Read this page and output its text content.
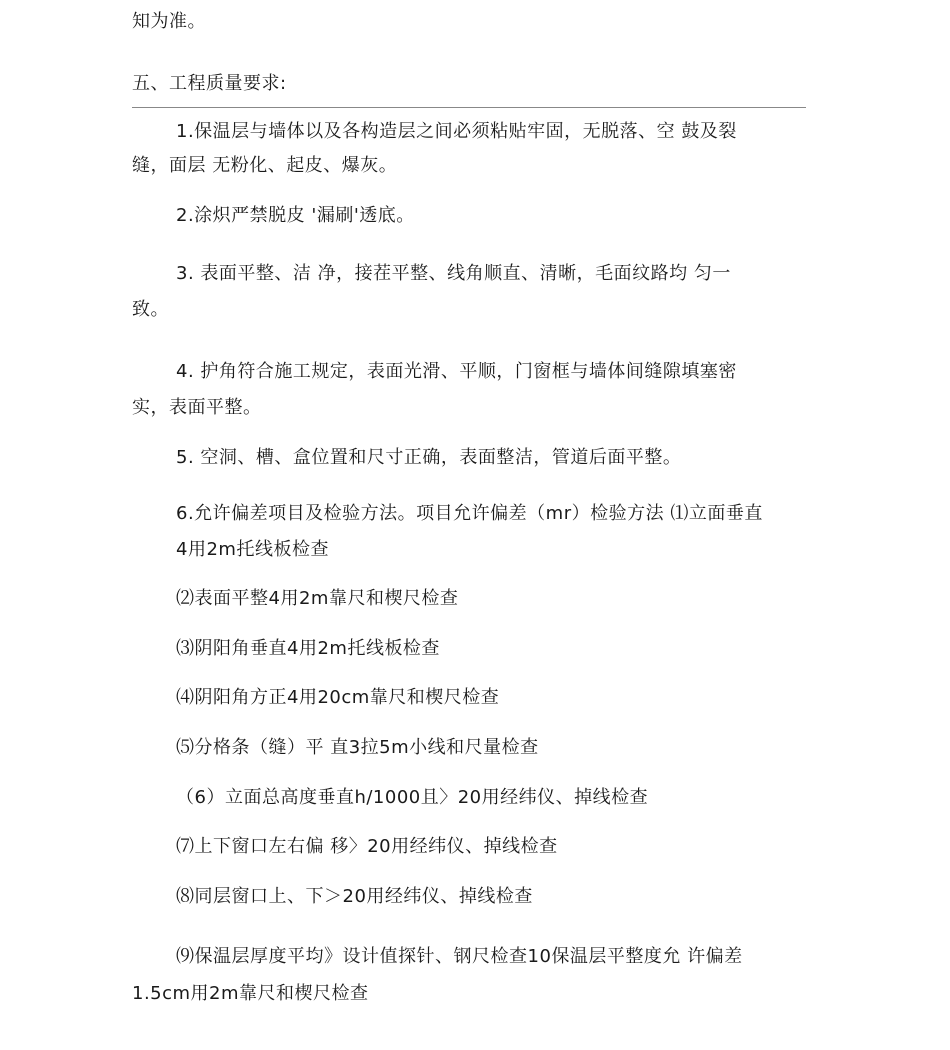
知为准。
五、工程质量要求:
1.保温层与墙体以及各构造层之间必须粘贴牢固，无脱落、空 鼓及裂
缝，面层 无粉化、起皮、爆灰。
2.涂炽严禁脱皮 '漏刷'透底。
3. 表面平整、洁 净，接茬平整、线角顺直、清晰，毛面纹路均 匀一
致。
4. 护角符合施工规定，表面光滑、平顺，门窗框与墙体间缝隙填塞密
实，表面平整。
5. 空洞、槽、盒位置和尺寸正确，表面整洁，管道后面平整。
6.允许偏差项目及检验方法。项目允许偏差（mr）检验方法 ⑴立面垂直
4用2m托线板检查
⑵表面平整4用2m靠尺和楔尺检查
⑶阴阳角垂直4用2m托线板检查
⑷阴阳角方正4用20cm靠尺和楔尺检查
⑸分格条（缝）平 直3拉5m小线和尺量检查
（6）立面总高度垂直h/1000且〉20用经纬仪、掉线检查
⑺上下窗口左右偏 移〉20用经纬仪、掉线检查
⑻同层窗口上、下＞20用经纬仪、掉线检查
⑼保温层厚度平均》设计值探针、钢尺检查10保温层平整度允 许偏差
1.5cm用2m靠尺和楔尺检查
